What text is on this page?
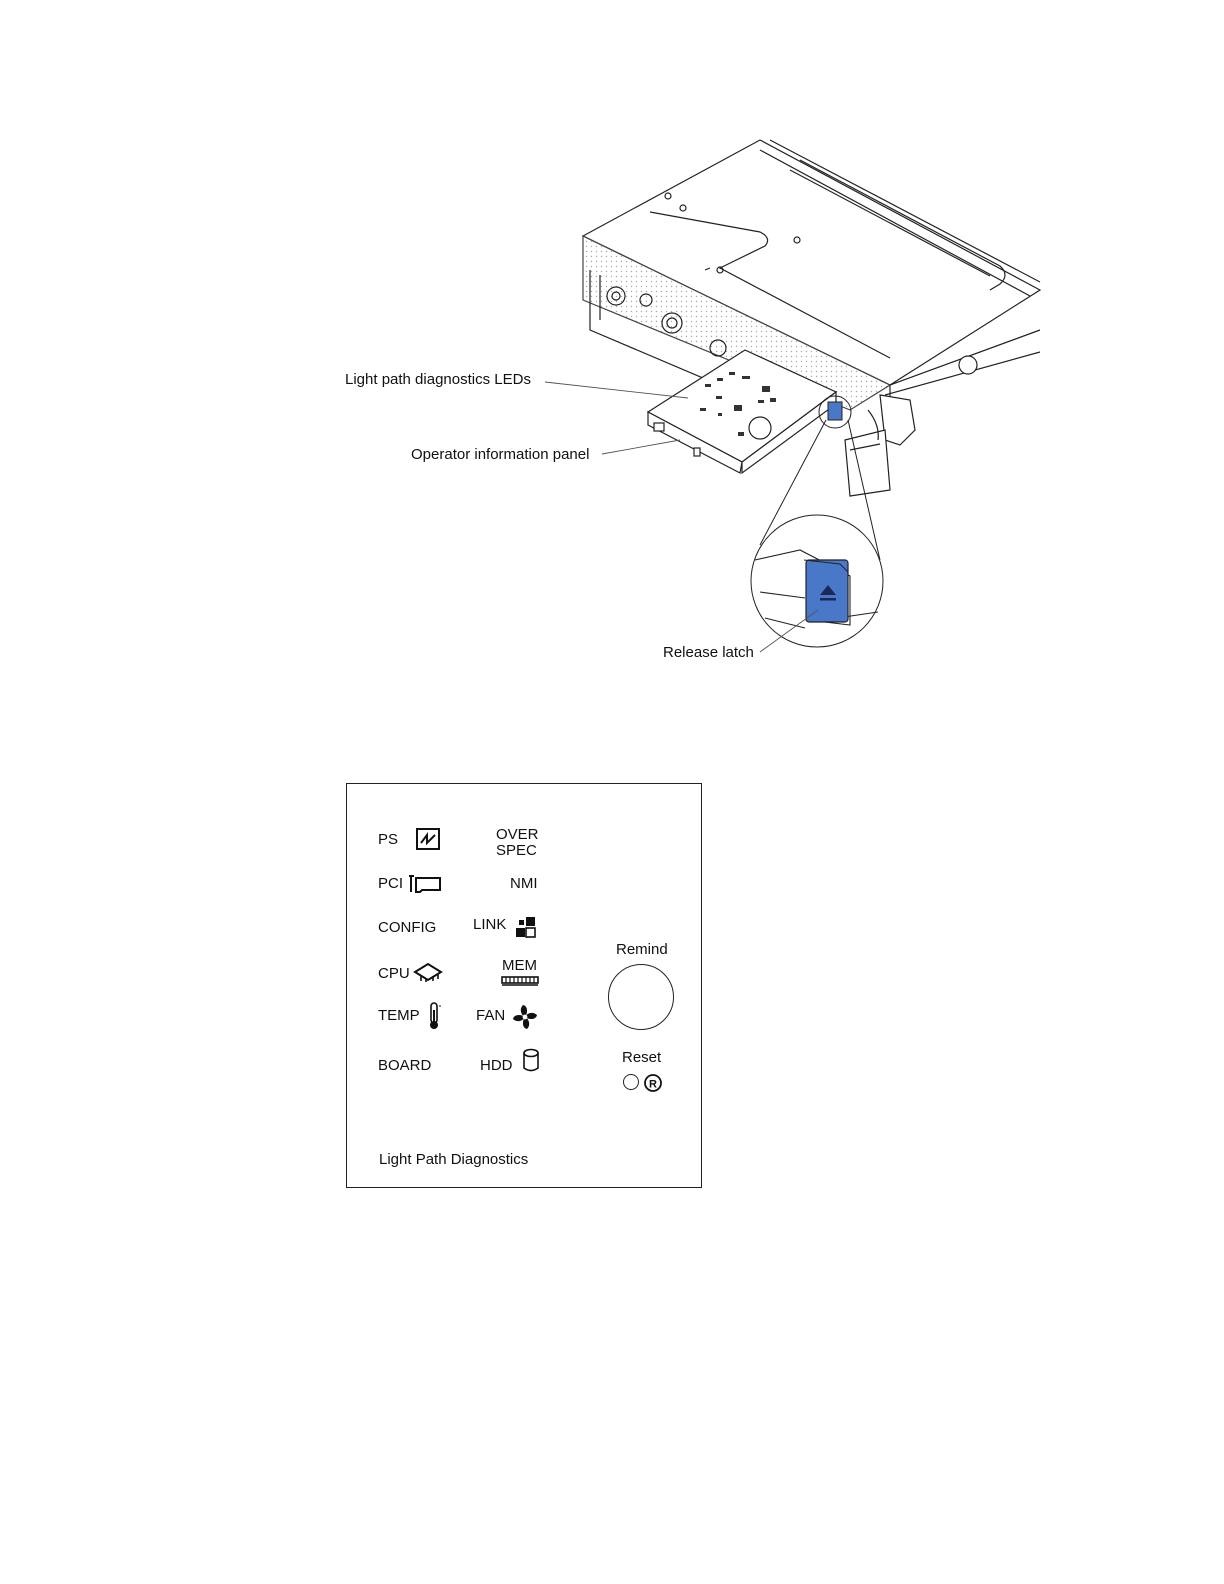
Light path diagnostics LEDs
Operator information panel
Release latch
PS
PCI
CONFIG
CPU
TEMP
BOARD
OVER
SPEC
NMI
LINK
MEM
FAN
HDD
Remind
Reset
R
Light Path Diagnostics
